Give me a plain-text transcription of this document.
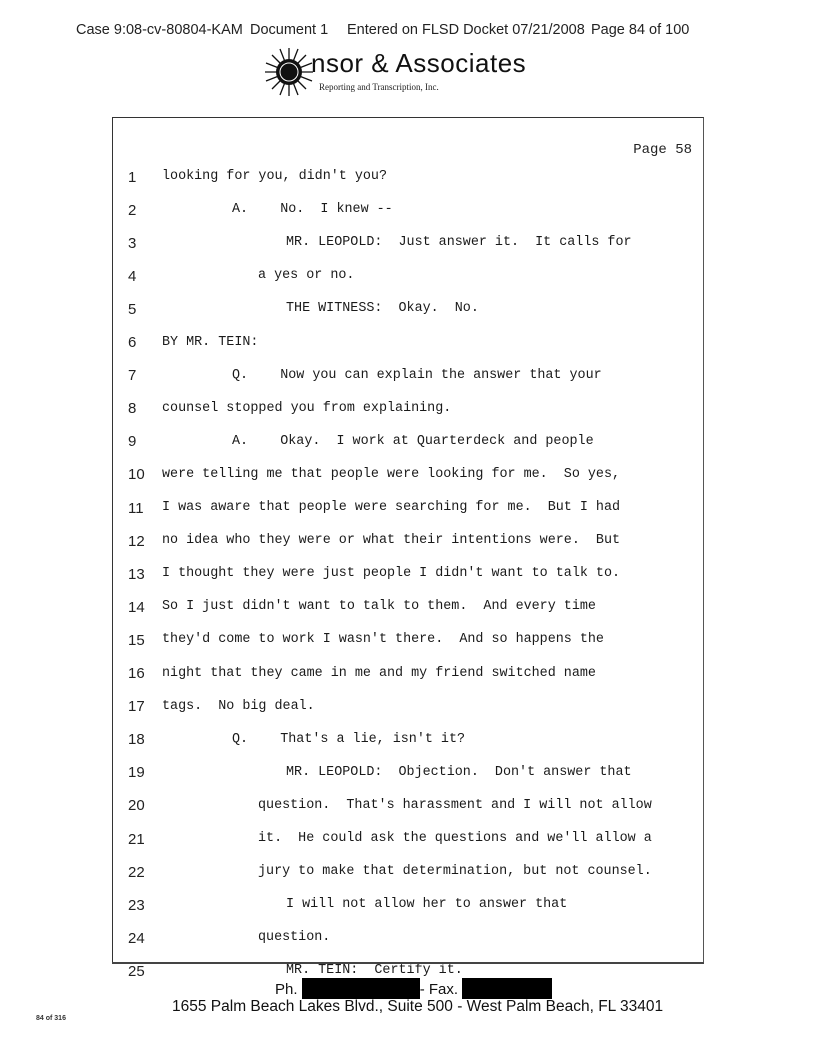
Case 9:08-cv-80804-KAM Document 1 Entered on FLSD Docket 07/21/2008 Page 84 of 100
nsor & Associates
Reporting and Transcription, Inc.
Page 58
1	looking for you, didn't you?
2	A.    No.  I knew --
3	MR. LEOPOLD:  Just answer it.  It calls for
4	a yes or no.
5	THE WITNESS:  Okay.  No.
6	BY MR. TEIN:
7	Q.    Now you can explain the answer that your
8	counsel stopped you from explaining.
9	A.    Okay.  I work at Quarterdeck and people
10	were telling me that people were looking for me.  So yes,
11	I was aware that people were searching for me.  But I had
12	no idea who they were or what their intentions were.  But
13	I thought they were just people I didn't want to talk to.
14	So I just didn't want to talk to them.  And every time
15	they'd come to work I wasn't there.  And so happens the
16	night that they came in me and my friend switched name
17	tags.  No big deal.
18	Q.    That's a lie, isn't it?
19	MR. LEOPOLD:  Objection.  Don't answer that
20	question.  That's harassment and I will not allow
21	it.  He could ask the questions and we'll allow a
22	jury to make that determination, but not counsel.
23	I will not allow her to answer that
24	question.
25	MR. TEIN:  Certify it.
Ph.	- Fax.
1655 Palm Beach Lakes Blvd., Suite 500 - West Palm Beach, FL 33401
84 of 316
